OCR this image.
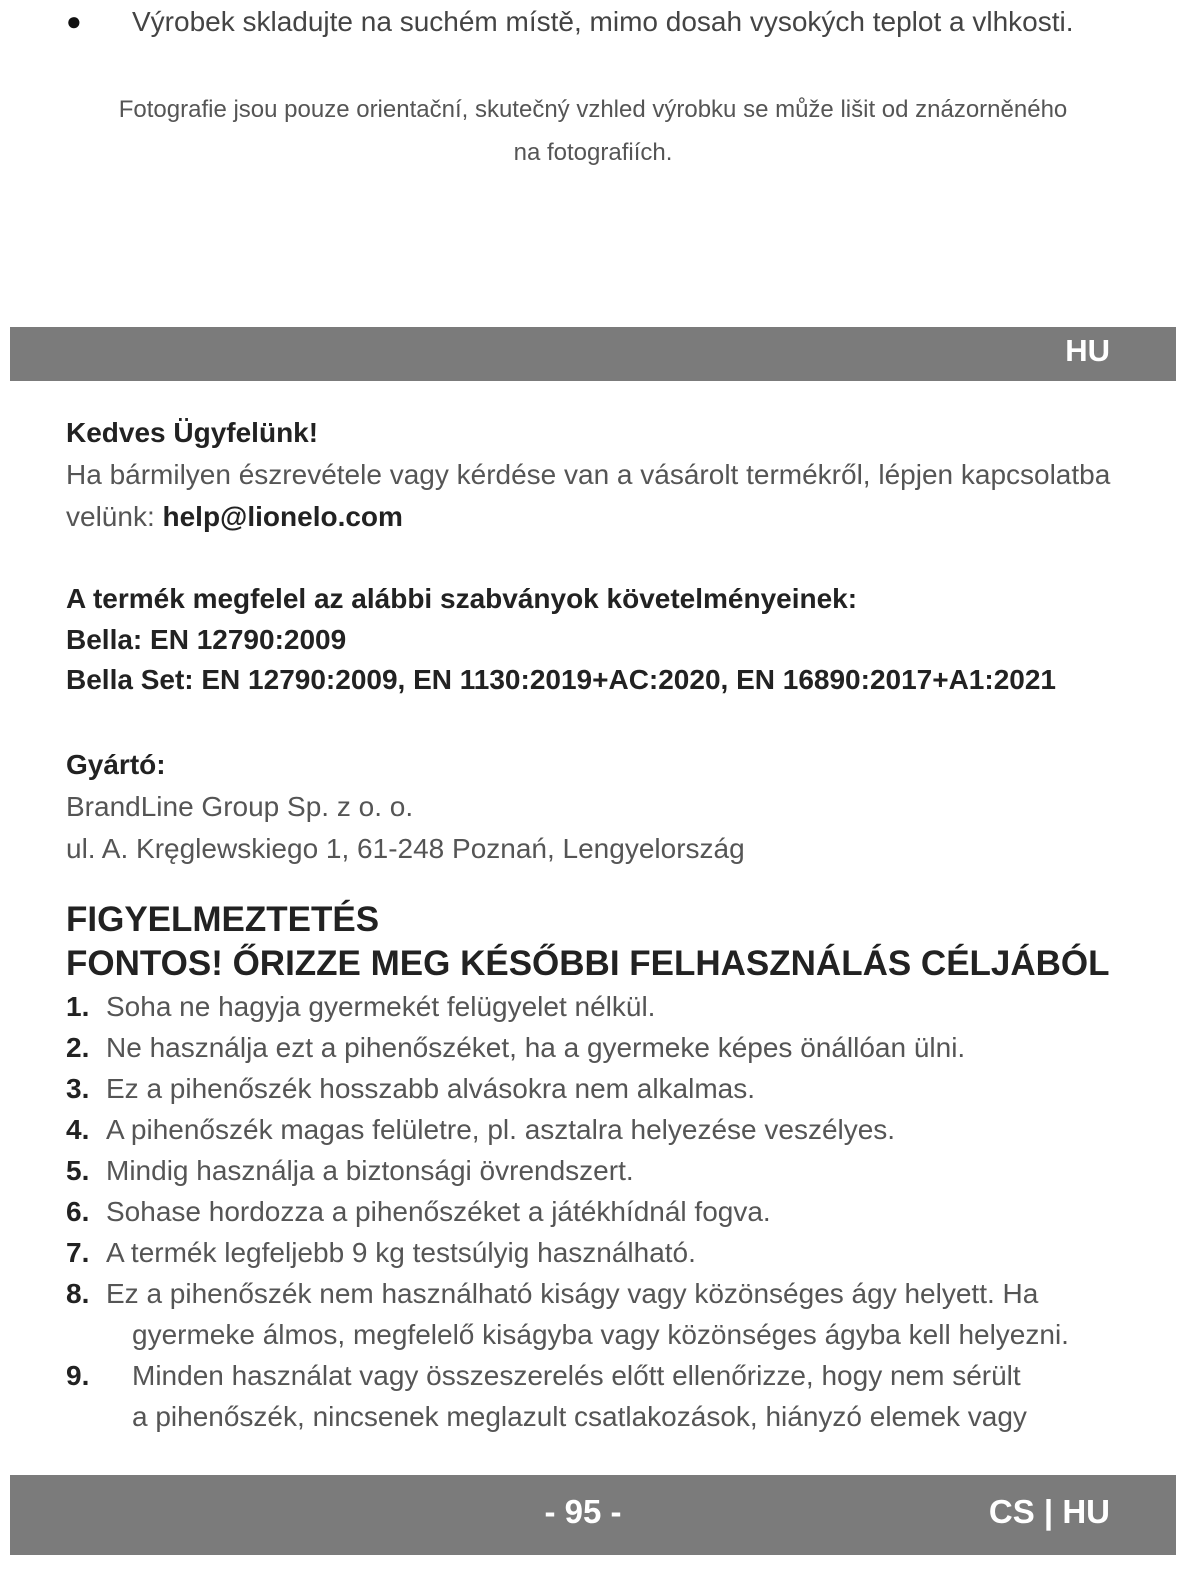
● Výrobek skladujte na suchém místě, mimo dosah vysokých teplot a vlhkosti.
Fotografie jsou pouze orientační, skutečný vzhled výrobku se může lišit od znázorněného
na fotografiích.
HU
Kedves Ügyfelünk!
Ha bármilyen észrevétele vagy kérdése van a vásárolt termékről, lépjen kapcsolatba
velünk: help@lionelo.com
A termék megfelel az alábbi szabványok követelményeinek:
Bella: EN 12790:2009
Bella Set: EN 12790:2009, EN 1130:2019+AC:2020, EN 16890:2017+A1:2021
Gyártó:
BrandLine Group Sp. z o. o.
ul. A. Kręglewskiego 1, 61-248 Poznań, Lengyelország
FIGYELMEZTETÉS
FONTOS! ŐRIZZE MEG KÉSŐBBI FELHASZNÁLÁS CÉLJÁBÓL
1. Soha ne hagyja gyermekét felügyelet nélkül.
2. Ne használja ezt a pihenőszéket, ha a gyermeke képes önállóan ülni.
3. Ez a pihenőszék hosszabb alvásokra nem alkalmas.
4. A pihenőszék magas felületre, pl. asztalra helyezése veszélyes.
5. Mindig használja a biztonsági övrendszert.
6. Sohase hordozza a pihenőszéket a játékhídnál fogva.
7. A termék legfeljebb 9 kg testsúlyig használható.
8. Ez a pihenőszék nem használható kiságy vagy közönséges ágy helyett. Ha
gyermeke álmos, megfelelő kiságyba vagy közönséges ágyba kell helyezni.
9. Minden használat vagy összeszerelés előtt ellenőrizze, hogy nem sérült
a pihenőszék, nincsenek meglazult csatlakozások, hiányzó elemek vagy
- 95 -	CS | HU
